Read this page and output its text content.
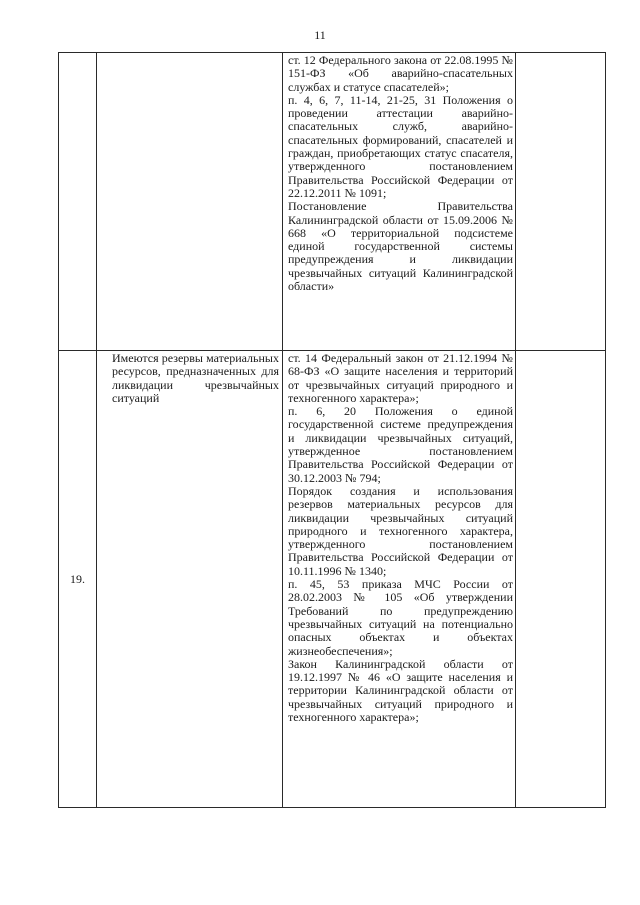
11

		ст. 12 Федерального закона от 22.08.1995 № 151-ФЗ «Об аварийно-спасательных службах и статусе спасателей»;

п. 4, 6, 7, 11-14, 21-25, 31 Положения о проведении аттестации аварийно-спасательных служб, аварийно-спасательных формирований, спасателей и граждан, приобретающих статус спасателя, утвержденного постановлением Правительства Российской Федерации от 22.12.2011 № 1091;

Постановление Правительства Калининградской области от 15.09.2006 № 668 «О территориальной подсистеме единой государственной системы предупреждения и ликвидации чрезвычайных ситуаций Калининградской области»	

19.	Имеются резервы материальных ресурсов, предназначенных для ликвидации чрезвычайных ситуаций	ст. 14 Федеральный закон от 21.12.1994 № 68-ФЗ «О защите населения и территорий от чрезвычайных ситуаций природного и техногенного характера»;

п. 6, 20 Положения о единой государственной системе предупреждения и ликвидации чрезвычайных ситуаций, утвержденное постановлением Правительства Российской Федерации от 30.12.2003 № 794;

Порядок создания и использования резервов материальных ресурсов для ликвидации чрезвычайных ситуаций природного и техногенного характера, утвержденного постановлением Правительства Российской Федерации от 10.11.1996 № 1340;

п. 45, 53 приказа МЧС России от 28.02.2003 № 105 «Об утверждении Требований по предупреждению чрезвычайных ситуаций на потенциально опасных объектах и объектах жизнеобеспечения»;

Закон Калининградской области от 19.12.1997 № 46 «О защите населения и территории Калининградской области от чрезвычайных ситуаций природного и техногенного характера»;	
